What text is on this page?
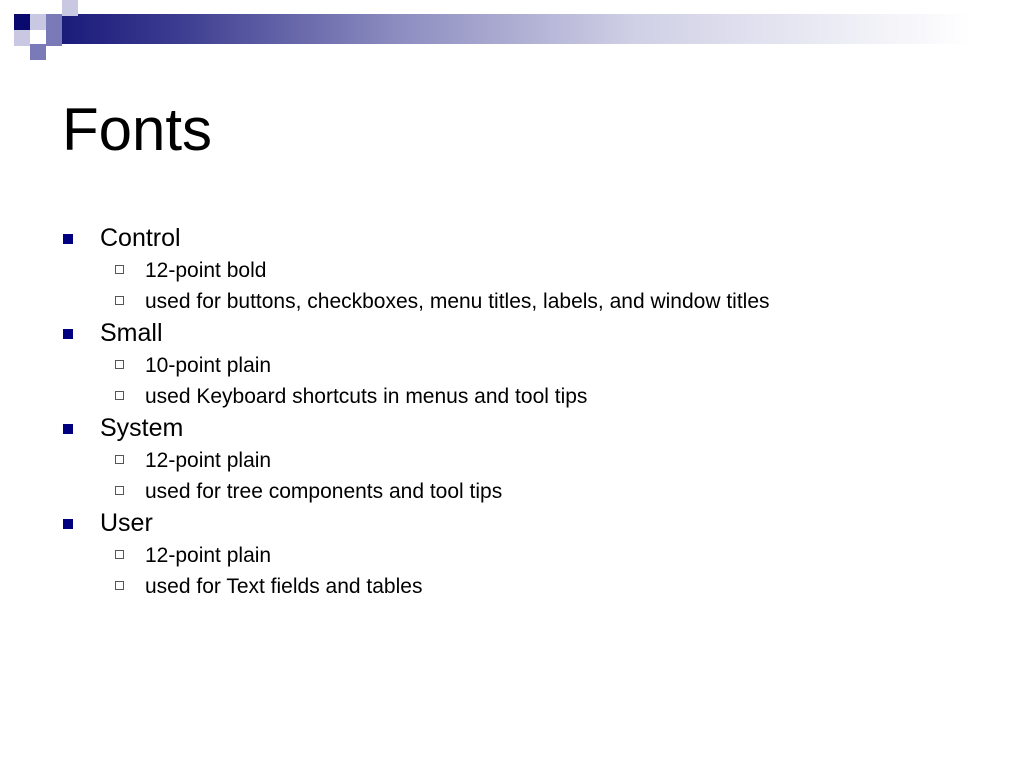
Fonts
Control
12-point bold
used for buttons, checkboxes, menu titles, labels, and window titles
Small
10-point plain
used Keyboard shortcuts in menus and tool tips
System
12-point plain
used for tree components and tool tips
User
12-point plain
used for Text fields and tables
